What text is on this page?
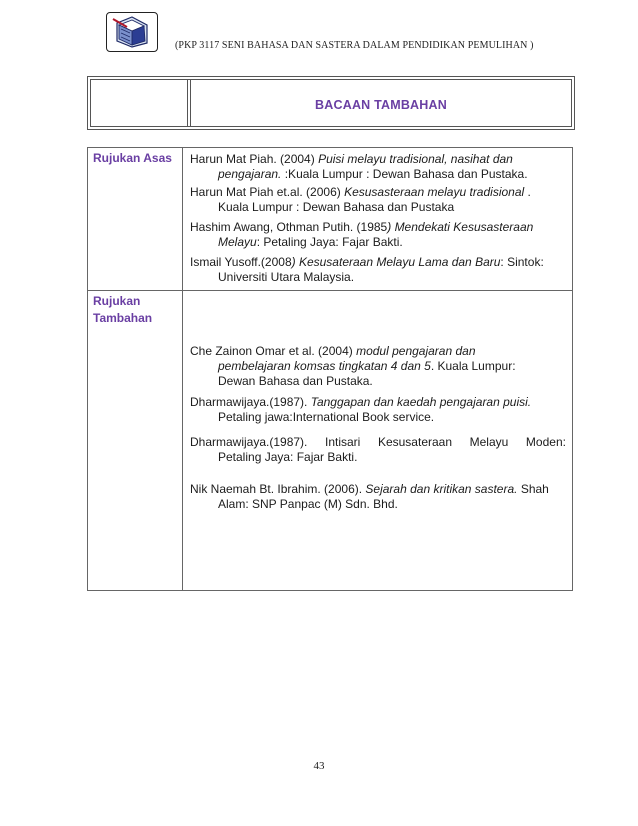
(PKP 3117 SENI BAHASA DAN SASTERA DALAM PENDIDIKAN PEMULIHAN )
BACAAN TAMBAHAN
Rujukan Asas Harun Mat Piah. (2004) Puisi melayu tradisional, nasihat dan
pengajaran. :Kuala Lumpur : Dewan Bahasa dan Pustaka.
Harun Mat Piah et.al. (2006) Kesusasteraan melayu tradisional .
Kuala Lumpur : Dewan Bahasa dan Pustaka
Hashim Awang, Othman Putih. (1985) Mendekati Kesusasteraan
Melayu: Petaling Jaya: Fajar Bakti.
Ismail Yusoff.(2008) Kesusateraan Melayu Lama dan Baru: Sintok:
Universiti Utara Malaysia.
Rujukan
Tambahan
Che Zainon Omar et al. (2004) modul pengajaran dan
pembelajaran komsas tingkatan 4 dan 5. Kuala Lumpur:
Dewan Bahasa dan Pustaka.
Dharmawijaya.(1987). Tanggapan dan kaedah pengajaran puisi.
Petaling jawa:International Book service.
Dharmawijaya.(1987). Intisari Kesusateraan Melayu Moden:
Petaling Jaya: Fajar Bakti.
Nik Naemah Bt. Ibrahim. (2006). Sejarah dan kritikan sastera. Shah
Alam: SNP Panpac (M) Sdn. Bhd.
43
